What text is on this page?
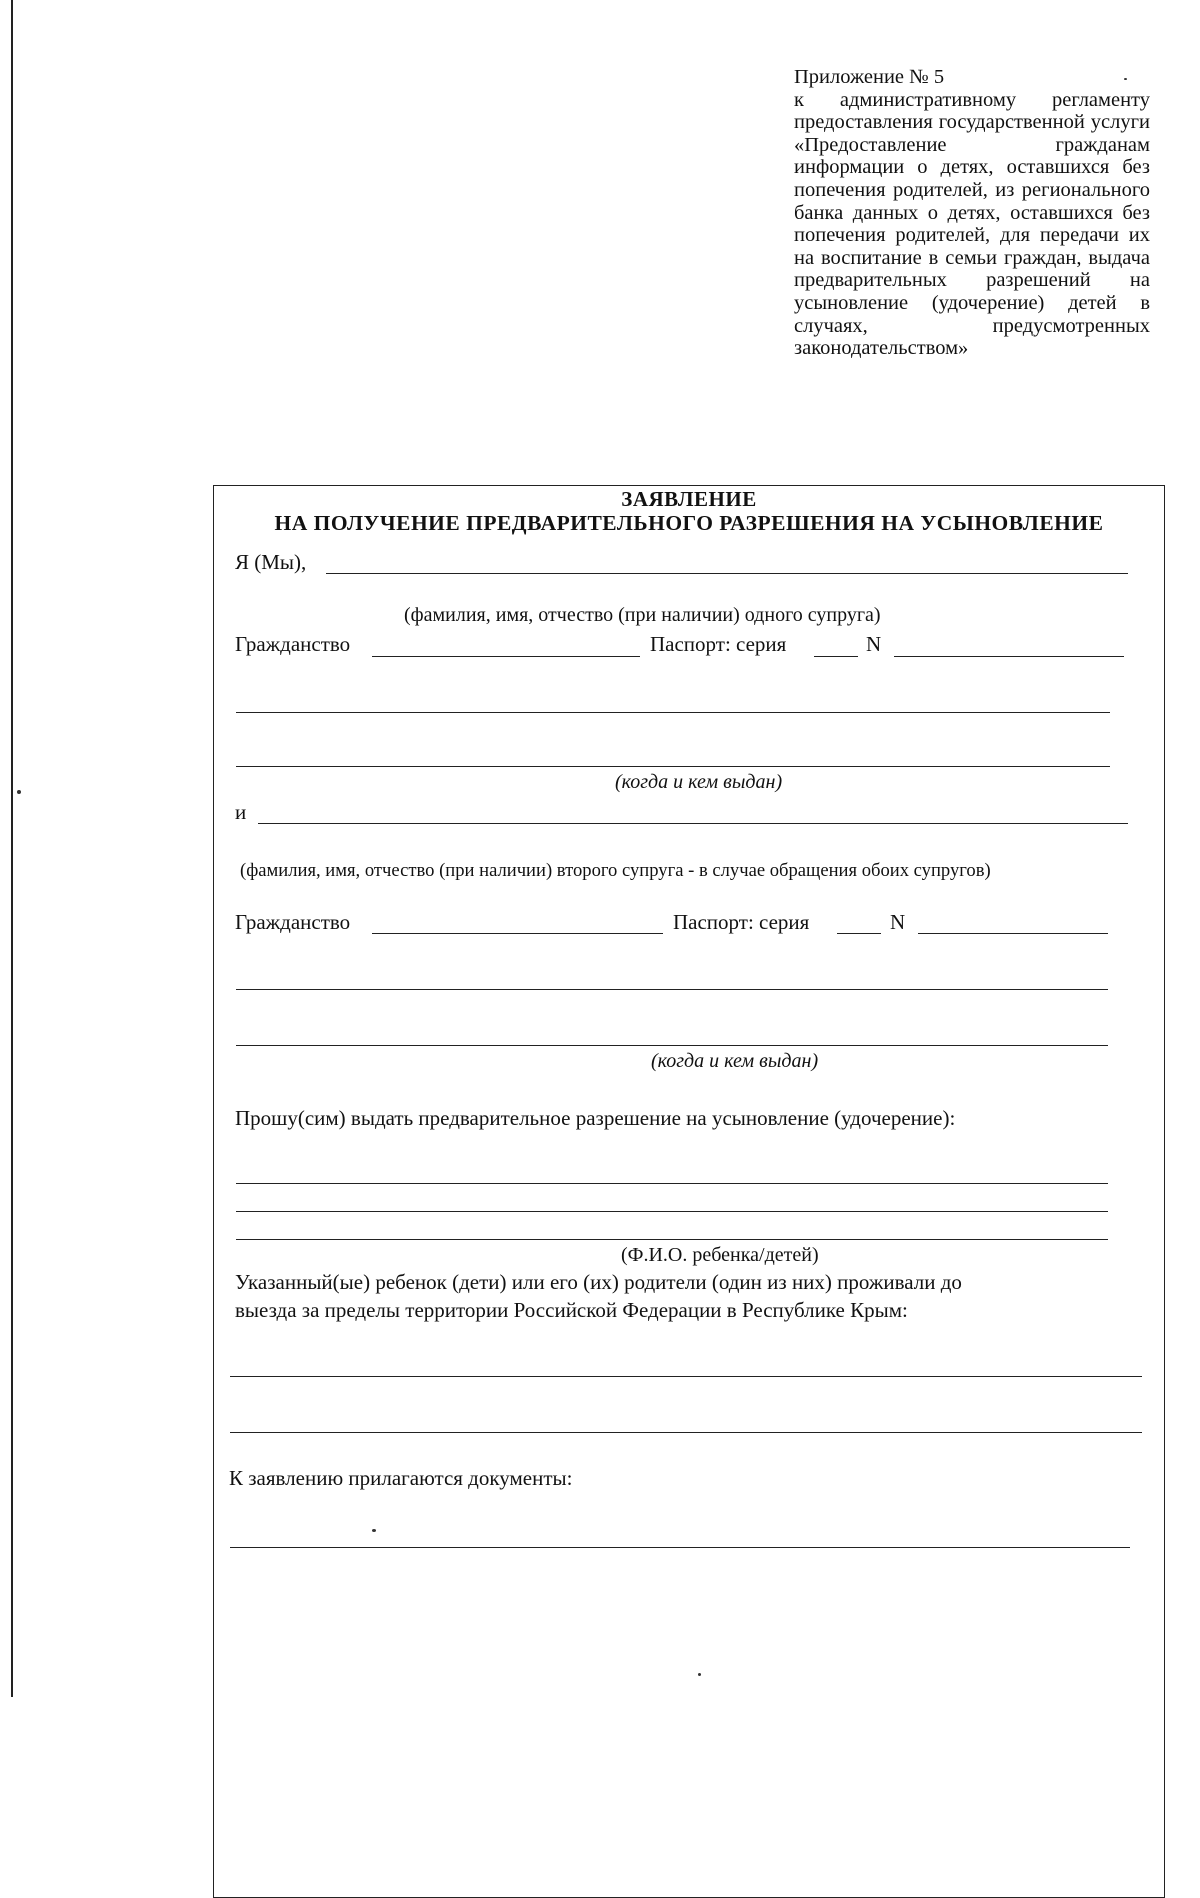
Приложение № 5
к административному регламенту предоставления государственной услуги «Предоставление гражданам информации о детях, оставшихся без попечения родителей, из регионального банка данных о детях, оставшихся без попечения родителей, для передачи их на воспитание в семьи граждан, выдача предварительных разрешений на усыновление (удочерение) детей в случаях, предусмотренных законодательством»
ЗАЯВЛЕНИЕ
НА ПОЛУЧЕНИЕ ПРЕДВАРИТЕЛЬНОГО РАЗРЕШЕНИЯ НА УСЫНОВЛЕНИЕ
Я (Мы),
(фамилия, имя, отчество (при наличии) одного супруга)
Гражданство	Паспорт: серия	N
(когда и кем выдан)
и
(фамилия, имя, отчество (при наличии) второго супруга - в случае обращения обоих супругов)
Гражданство	Паспорт: серия	N
(когда и кем выдан)
Прошу(сим) выдать предварительное разрешение на усыновление (удочерение):
(Ф.И.О. ребенка/детей)
Указанный(ые) ребенок (дети) или его (их) родители (один из них) проживали до
выезда за пределы территории Российской Федерации в Республике Крым:
К заявлению прилагаются документы:
